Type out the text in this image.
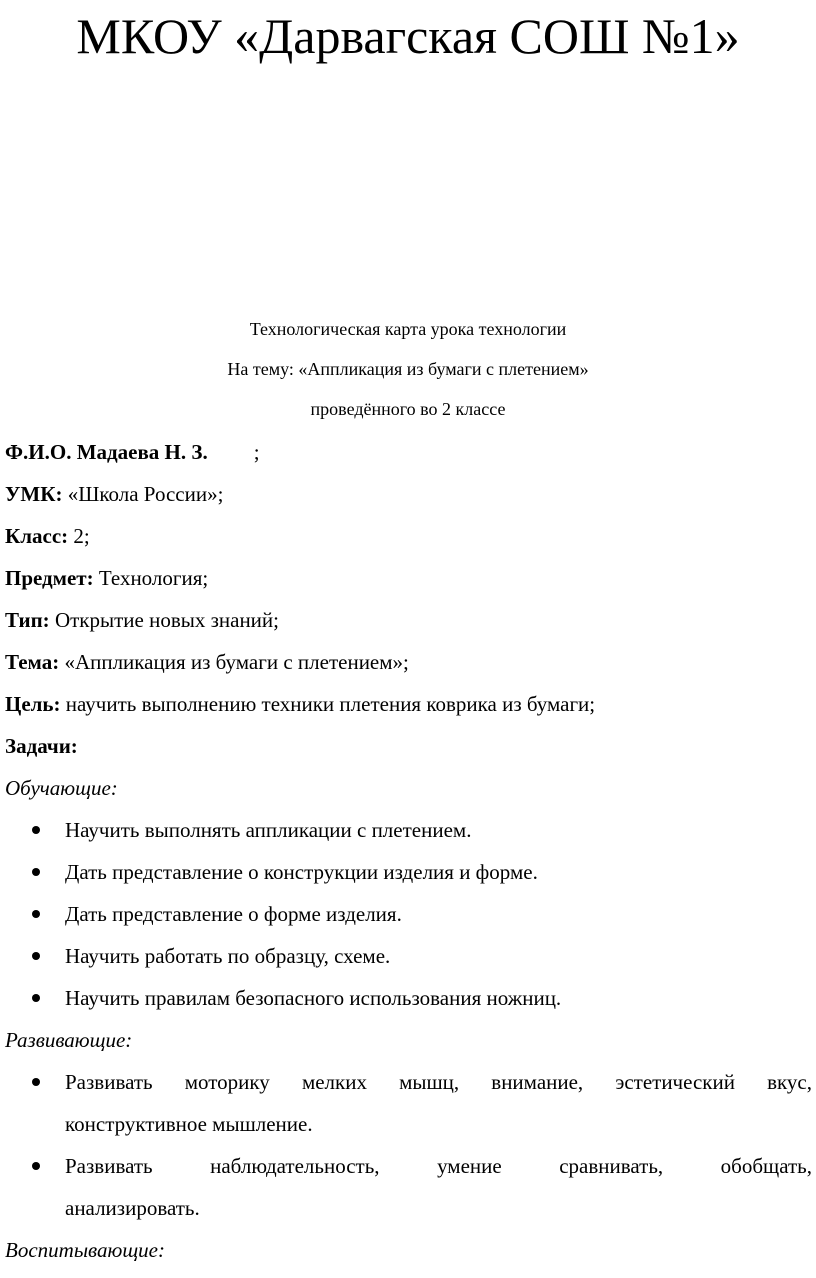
МКОУ «Дарвагская СОШ №1»
Технологическая карта урока технологии
На тему: «Аппликация из бумаги с плетением»
проведённого во 2 классе
Ф.И.О. Мадаева Н. З. ;
УМК: «Школа России»;
Класс: 2;
Предмет: Технология;
Тип: Открытие новых знаний;
Тема: «Аппликация из бумаги с плетением»;
Цель: научить выполнению техники плетения коврика из бумаги;
Задачи:
Обучающие:
Научить выполнять аппликации с плетением.
Дать представление о конструкции изделия и форме.
Дать представление о форме изделия.
Научить работать по образцу, схеме.
Научить правилам безопасного использования ножниц.
Развивающие:
Развивать моторику мелких мышц, внимание, эстетический вкус,
конструктивное мышление.
Развивать	наблюдательность,	умение	сравнивать,	обобщать,
анализировать.
Воспитывающие:
